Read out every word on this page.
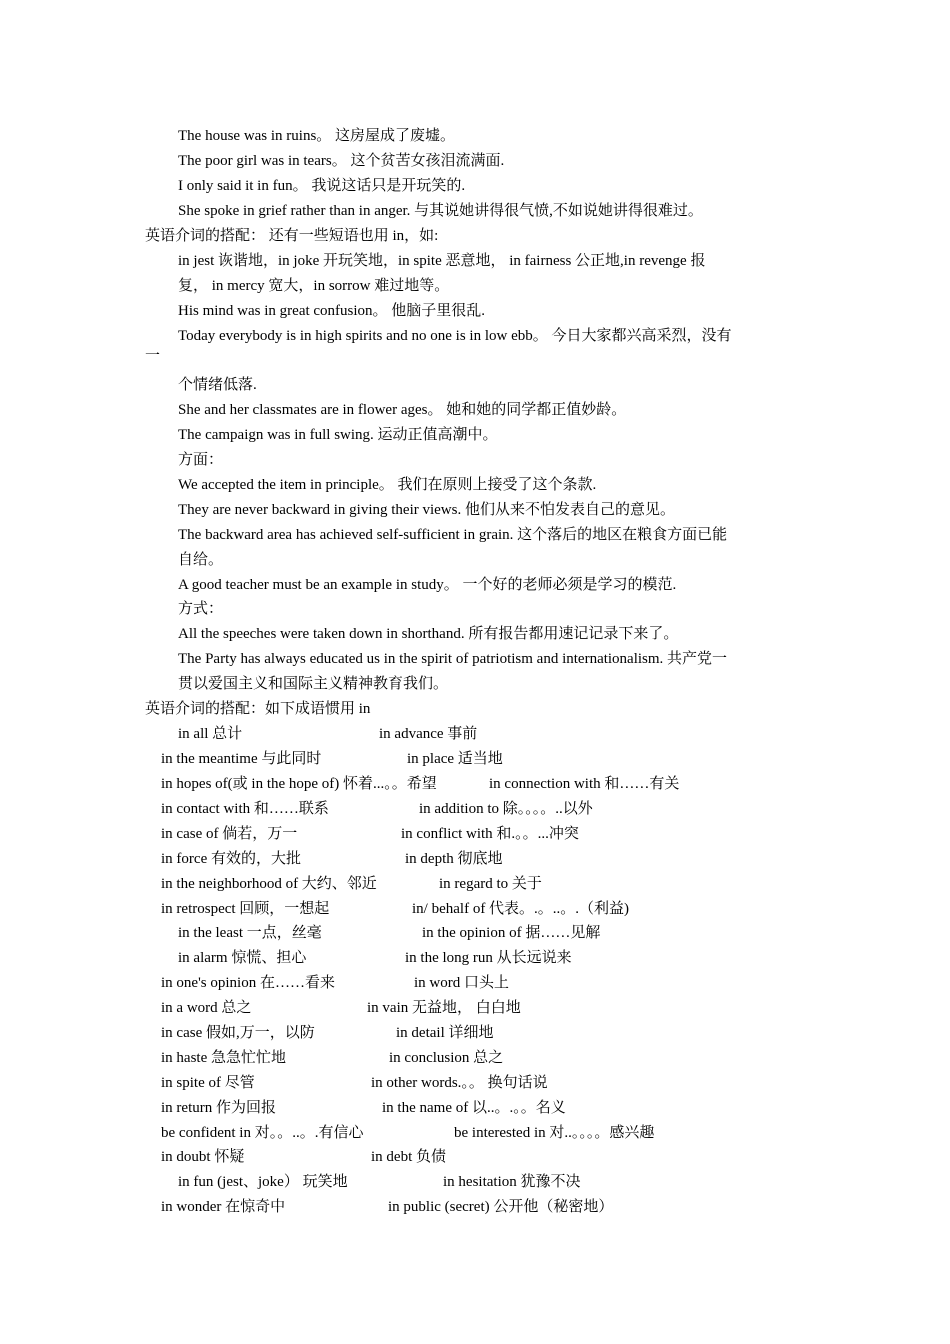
The house was in ruins。 这房屋成了废墟。
The poor girl was in tears。 这个贫苦女孩泪流满面.
I only said it in fun。 我说这话只是开玩笑的.
She spoke in grief rather than in anger. 与其说她讲得很气愤,不如说她讲得很难过。
英语介词的搭配： 还有一些短语也用 in，如:
in jest 诙谐地，in joke 开玩笑地，in spite 恶意地， in fairness 公正地,in revenge 报
复， in mercy 宽大，in sorrow 难过地等。
His mind was in great confusion。 他脑子里很乱.
Today everybody is in high spirits and no one is in low ebb。 今日大家都兴高采烈，没有
一
个情绪低落.
She and her classmates are in flower ages。 她和她的同学都正值妙龄。
The campaign was in full swing. 运动正值高潮中。
方面：
We accepted the item in principle。 我们在原则上接受了这个条款.
They are never backward in giving their views. 他们从来不怕发表自己的意见。
The backward area has achieved self-sufficient in grain. 这个落后的地区在粮食方面已能
自给。
A good teacher must be an example in study。 一个好的老师必须是学习的模范.
方式：
All the speeches were taken down in shorthand. 所有报告都用速记记录下来了。
The Party has always educated us in the spirit of patriotism and internationalism. 共产党一
贯以爱国主义和国际主义精神教育我们。
英语介词的搭配：如下成语惯用 in
in all 总计	in advance 事前
in the meantime 与此同时	in place 适当地
in hopes of(或 in the hope of) 怀着...。。希望	in connection with 和……有关
in contact with 和……联系	in addition to 除。。。。..以外
in case of 倘若，万一	in conflict with 和.。。...冲突
in force 有效的，大批	in depth 彻底地
in the neighborhood of 大约、邻近	in regard to 关于
in retrospect 回顾，一想起	in/ behalf of 代表。.。..。.（利益)
in the least 一点，丝毫	in the opinion of 据……见解
in alarm 惊慌、担心	in the long run 从长远说来
in one's opinion 在……看来	in word 口头上
in a word 总之	in vain 无益地， 白白地
in case 假如,万一，以防	in detail 详细地
in haste 急急忙忙地	in conclusion 总之
in spite of 尽管	in other words.。。 换句话说
in return 作为回报	in the name of 以..。.。。名义
be confident in 对。。..。.有信心	be interested in 对..。。。。感兴趣
in doubt 怀疑	in debt 负债
in fun (jest、joke） 玩笑地	in hesitation 犹豫不决
in wonder 在惊奇中	in public (secret) 公开他（秘密地）
